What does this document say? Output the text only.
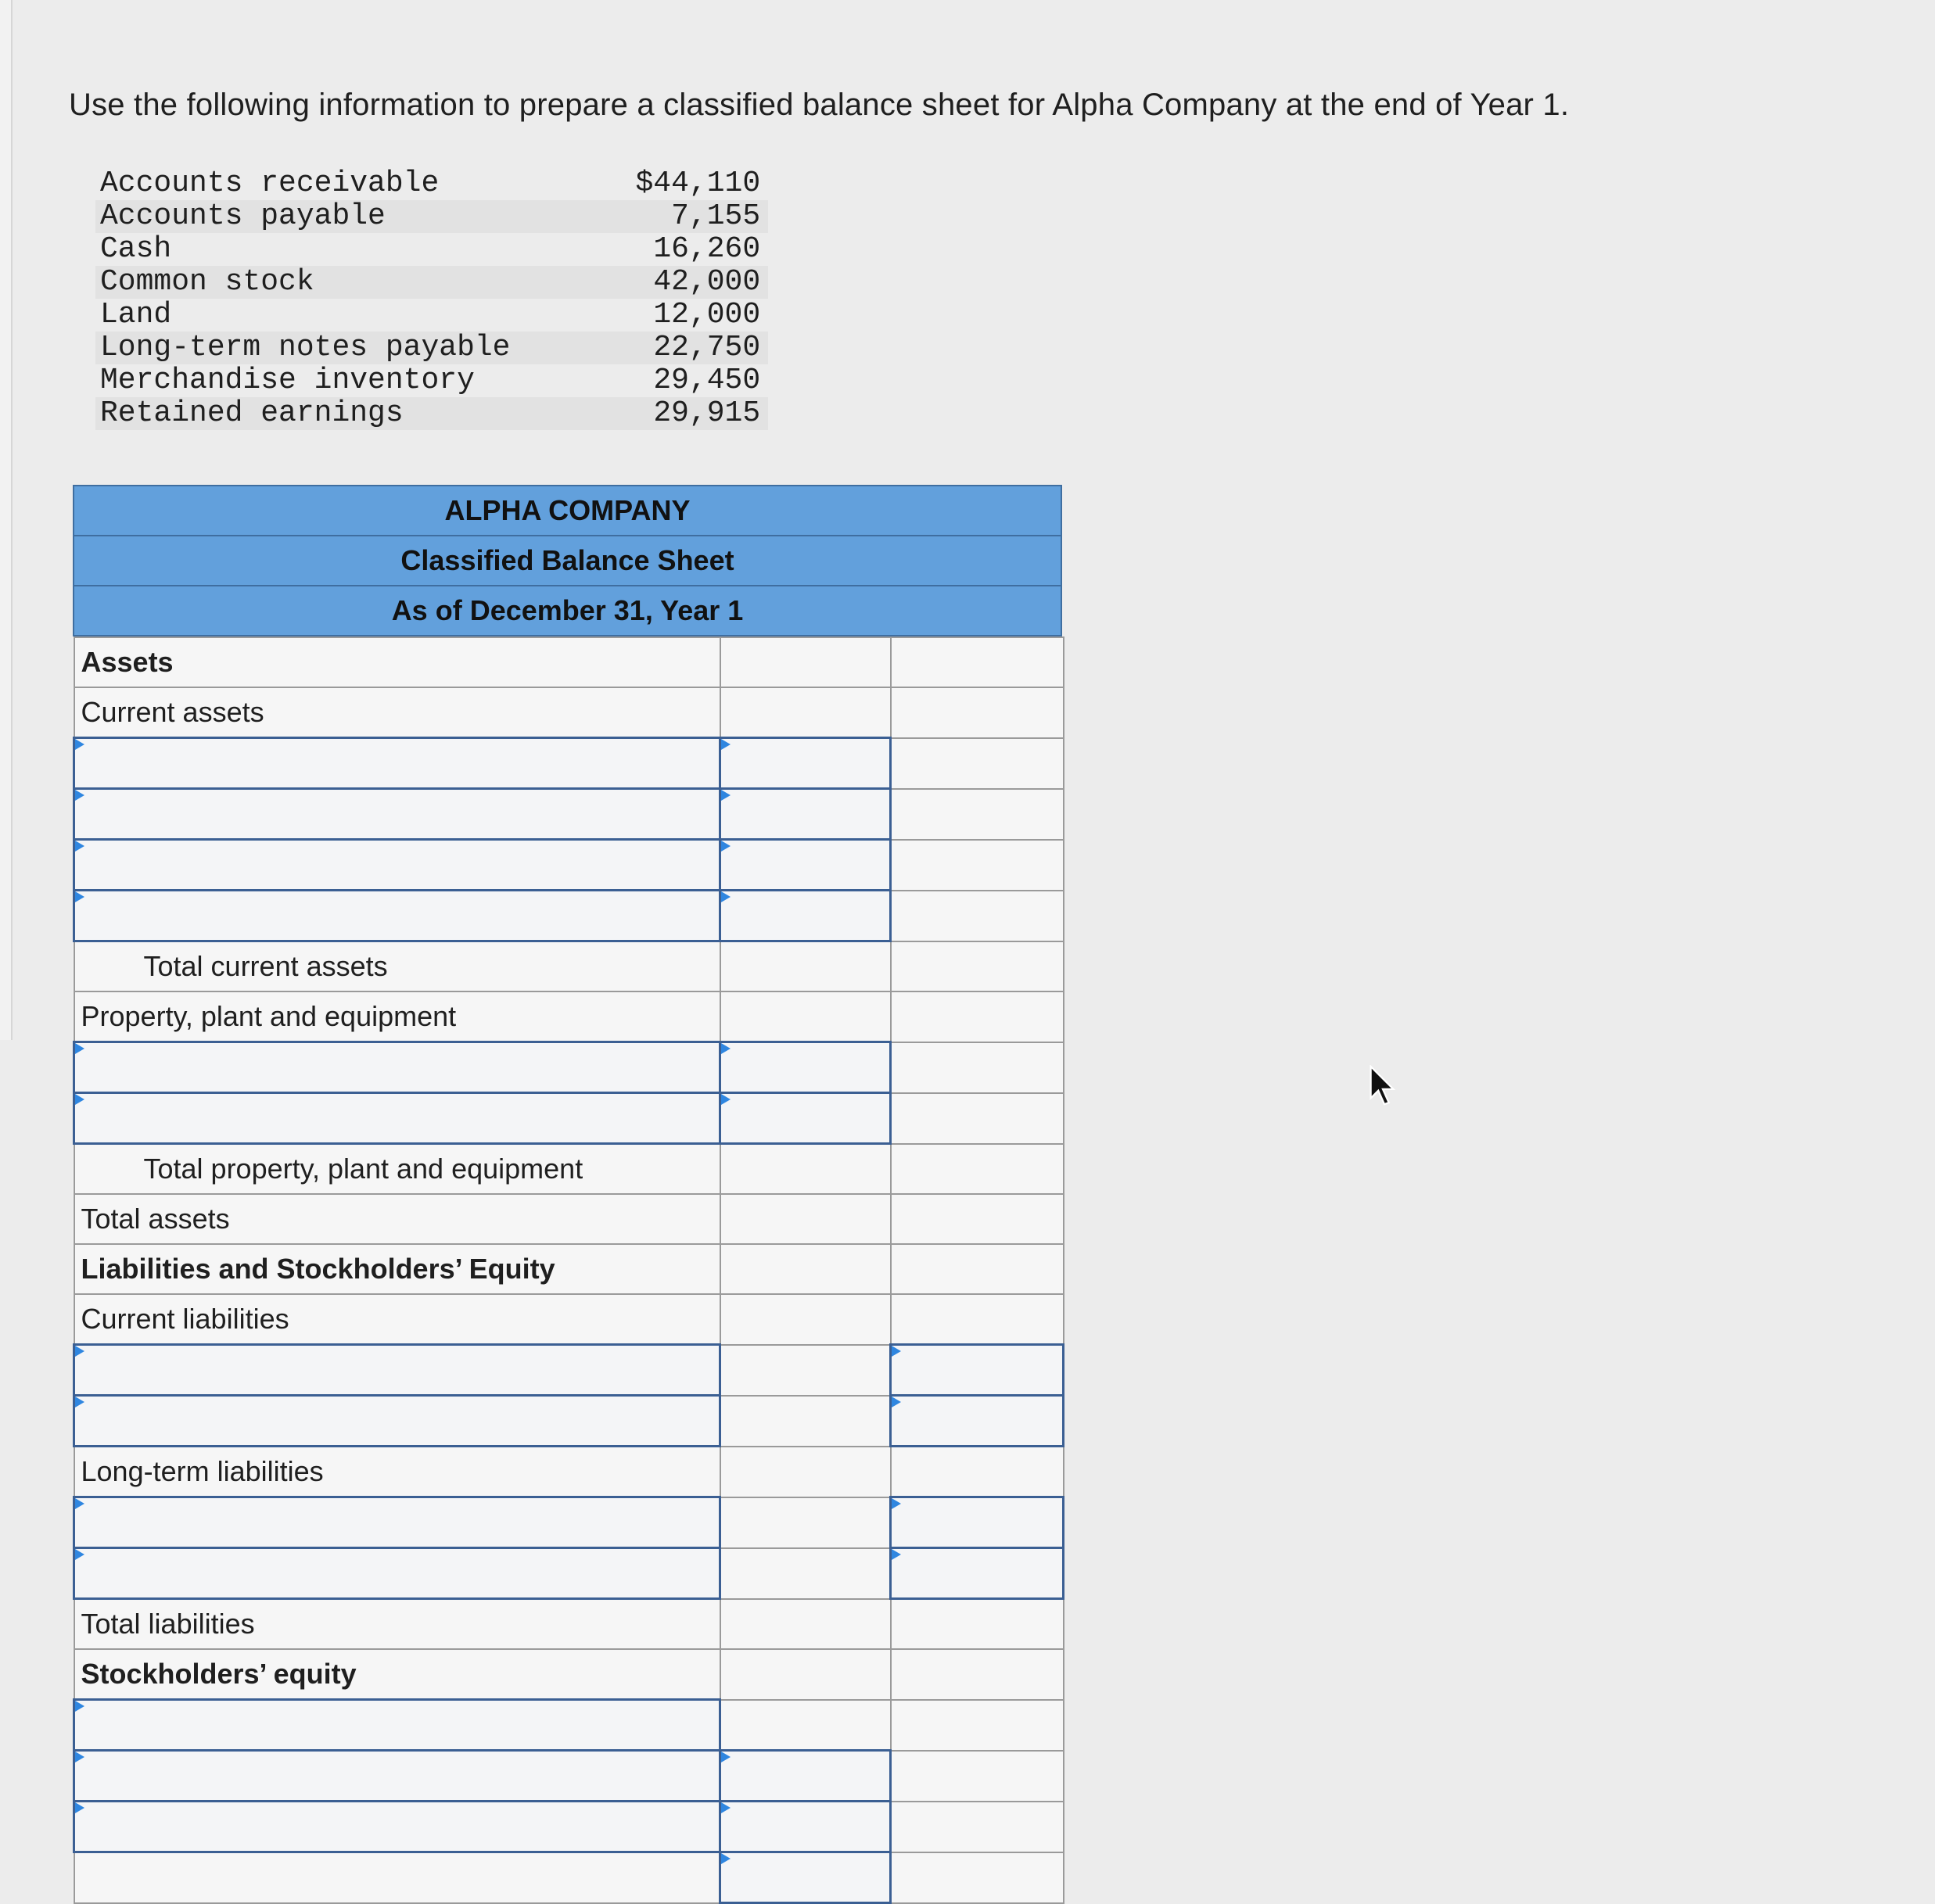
Use the following information to prepare a classified balance sheet for Alpha Company at the end of Year 1.
Accounts receivable	$44,110
Accounts payable	7,155
Cash	16,260
Common stock	42,000
Land	12,000
Long-term notes payable	22,750
Merchandise inventory	29,450
Retained earnings	29,915
ALPHA COMPANY
Classified Balance Sheet
As of December 31, Year 1
Assets		
Current assets		

Total current assets		
Property, plant and equipment		

Total property, plant and equipment		
Total assets		
Liabilities and Stockholders’ Equity		
Current liabilities		

Long-term liabilities		

Total liabilities		
Stockholders’ equity		
